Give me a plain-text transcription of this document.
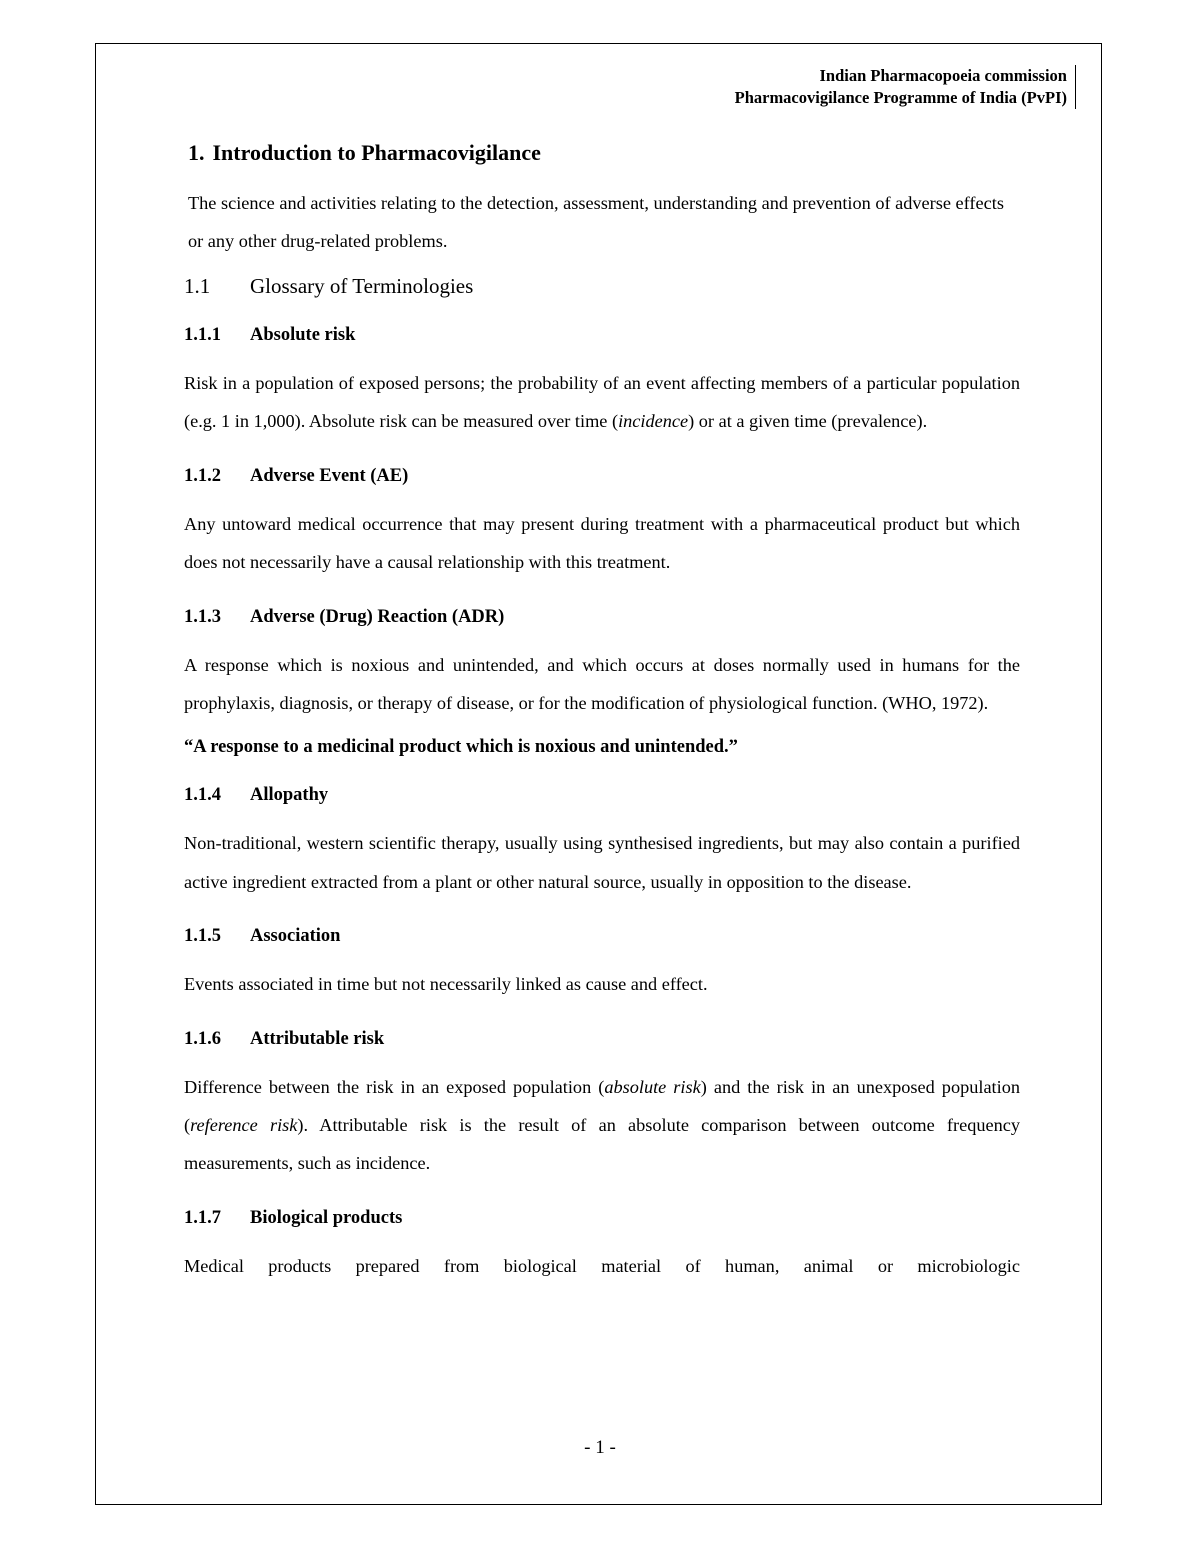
Indian Pharmacopoeia commission
Pharmacovigilance Programme of India (PvPI)
1. Introduction to Pharmacovigilance
The science and activities relating to the detection, assessment, understanding and prevention of adverse effects or any other drug-related problems.
1.1	Glossary of Terminologies
1.1.1	Absolute risk
Risk in a population of exposed persons; the probability of an event affecting members of a particular population (e.g. 1 in 1,000). Absolute risk can be measured over time (incidence) or at a given time (prevalence).
1.1.2	Adverse Event (AE)
Any untoward medical occurrence that may present during treatment with a pharmaceutical product but which does not necessarily have a causal relationship with this treatment.
1.1.3	Adverse (Drug) Reaction (ADR)
A response which is noxious and unintended, and which occurs at doses normally used in humans for the prophylaxis, diagnosis, or therapy of disease, or for the modification of physiological function. (WHO, 1972).
“A response to a medicinal product which is noxious and unintended.”
1.1.4	Allopathy
Non-traditional, western scientific therapy, usually using synthesised ingredients, but may also contain a purified active ingredient extracted from a plant or other natural source, usually in opposition to the disease.
1.1.5	Association
Events associated in time but not necessarily linked as cause and effect.
1.1.6	Attributable risk
Difference between the risk in an exposed population (absolute risk) and the risk in an unexposed population (reference risk). Attributable risk is the result of an absolute comparison between outcome frequency measurements, such as incidence.
1.1.7	Biological products
Medical products prepared from biological material of human, animal or microbiologic
- 1 -
